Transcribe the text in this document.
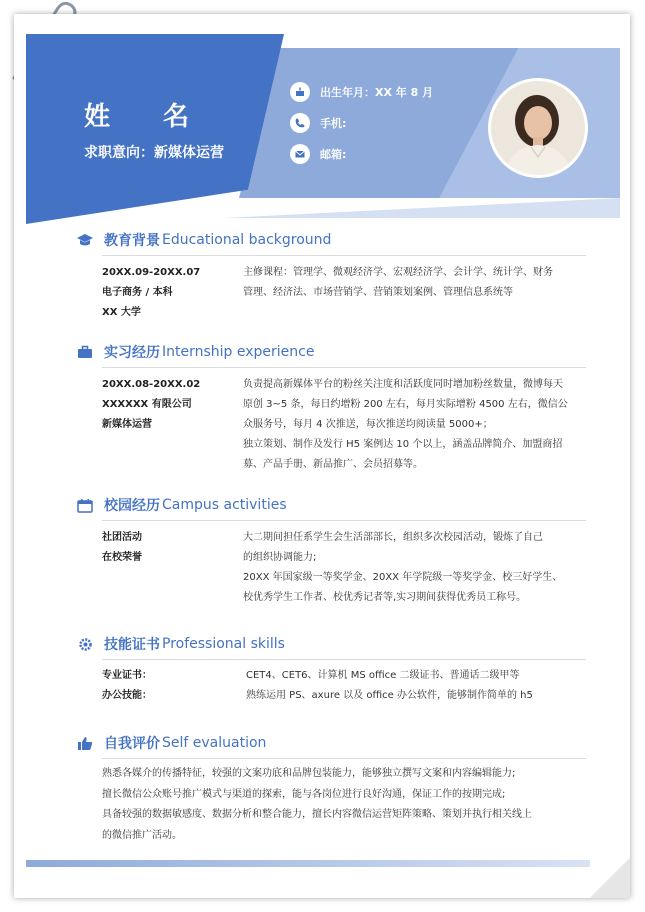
姓 名
求职意向：新媒体运营
出生年月：XX 年 8 月
手机:
邮箱:
教育背景 Educational background
20XX.09-20XX.07
电子商务 / 本科
XX 大学
主修课程：管理学、微观经济学、宏观经济学、会计学、统计学、财务
管理、经济法、市场营销学、营销策划案例、管理信息系统等
实习经历 Internship experience
20XX.08-20XX.02
XXXXXX 有限公司
新媒体运营
负责提高新媒体平台的粉丝关注度和活跃度同时增加粉丝数量，微博每天
原创 3~5 条，每日约增粉 200 左右，每月实际增粉 4500 左右，微信公
众服务号，每月 4 次推送，每次推送均阅读量 5000+；
独立策划、制作及发行 H5 案例达 10 个以上，涵盖品牌简介、加盟商招
募、产品手册、新品推广、会员招募等。
校园经历 Campus activities
社团活动
在校荣誉
大二期间担任系学生会生活部部长，组织多次校园活动，锻炼了自己
的组织协调能力;
20XX 年国家级一等奖学金、20XX 年学院级一等奖学金、校三好学生、
校优秀学生工作者、校优秀记者等,实习期间获得优秀员工称号。
技能证书 Professional skills
专业证书：
办公技能：
CET4、CET6、计算机 MS office 二级证书、普通话二级甲等
熟练运用 PS、axure 以及 office 办公软件，能够制作简单的 h5
自我评价 Self evaluation
熟悉各媒介的传播特征，较强的文案功底和品牌包装能力，能够独立撰写文案和内容编辑能力;
擅长微信公众账号推广模式与渠道的探索，能与各岗位进行良好沟通，保证工作的按期完成;
具备较强的数据敏感度、数据分析和整合能力，擅长内容微信运营矩阵策略、策划并执行相关线上
的微信推广活动。
